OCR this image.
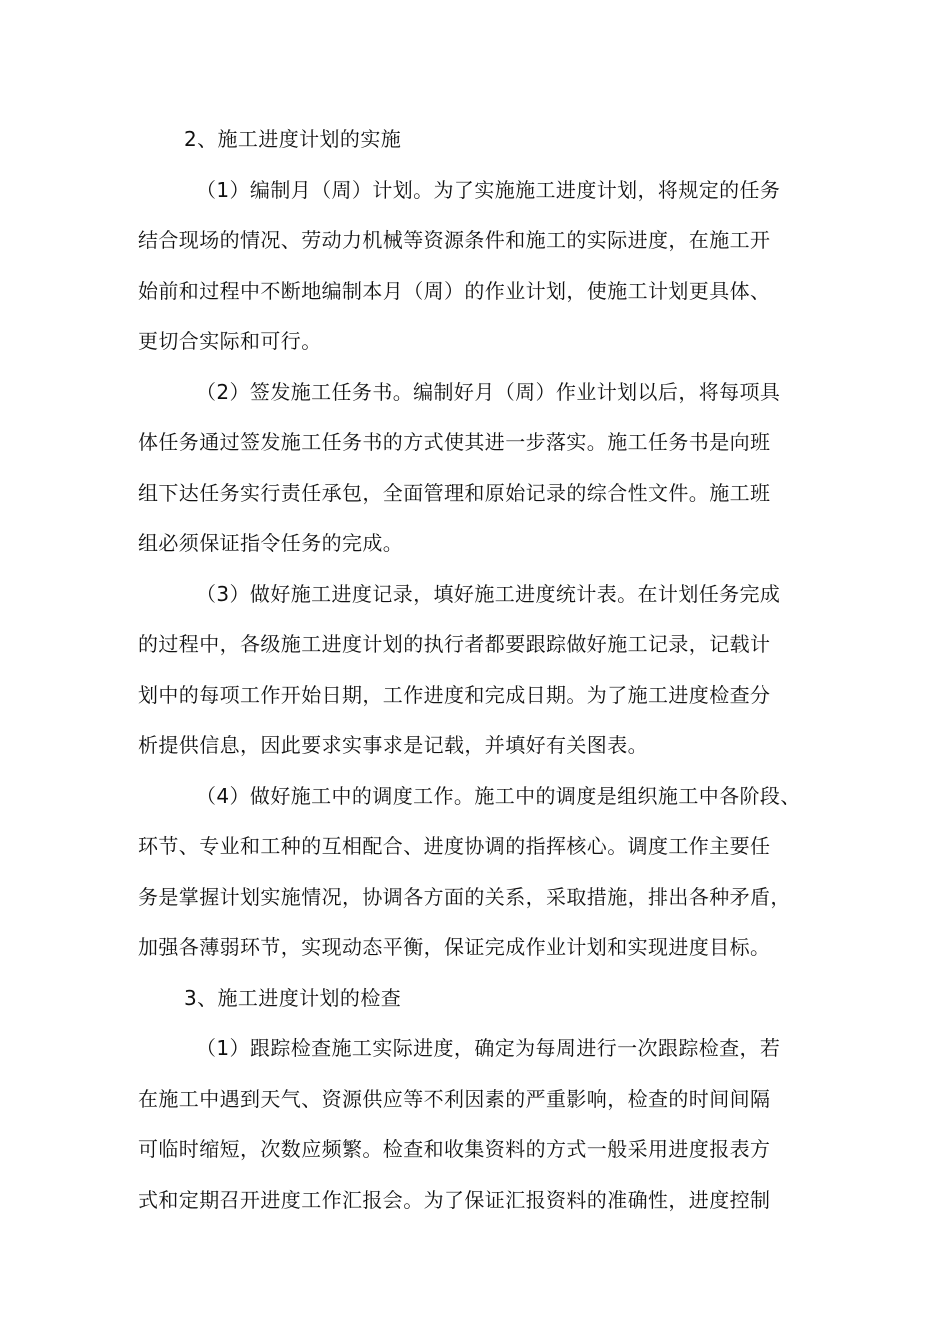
2、施工进度计划的实施
（1）编制月（周）计划。为了实施施工进度计划，将规定的任务
结合现场的情况、劳动力机械等资源条件和施工的实际进度，在施工开
始前和过程中不断地编制本月（周）的作业计划，使施工计划更具体、
更切合实际和可行。
（2）签发施工任务书。编制好月（周）作业计划以后，将每项具
体任务通过签发施工任务书的方式使其进一步落实。施工任务书是向班
组下达任务实行责任承包，全面管理和原始记录的综合性文件。施工班
组必须保证指令任务的完成。
（3）做好施工进度记录，填好施工进度统计表。在计划任务完成
的过程中，各级施工进度计划的执行者都要跟踪做好施工记录，记载计
划中的每项工作开始日期，工作进度和完成日期。为了施工进度检查分
析提供信息，因此要求实事求是记载，并填好有关图表。
（4）做好施工中的调度工作。施工中的调度是组织施工中各阶段、
环节、专业和工种的互相配合、进度协调的指挥核心。调度工作主要任
务是掌握计划实施情况，协调各方面的关系，采取措施，排出各种矛盾，
加强各薄弱环节，实现动态平衡，保证完成作业计划和实现进度目标。
3、施工进度计划的检查
（1）跟踪检查施工实际进度，确定为每周进行一次跟踪检查，若
在施工中遇到天气、资源供应等不利因素的严重影响，检查的时间间隔
可临时缩短，次数应频繁。检查和收集资料的方式一般采用进度报表方
式和定期召开进度工作汇报会。为了保证汇报资料的准确性，进度控制
